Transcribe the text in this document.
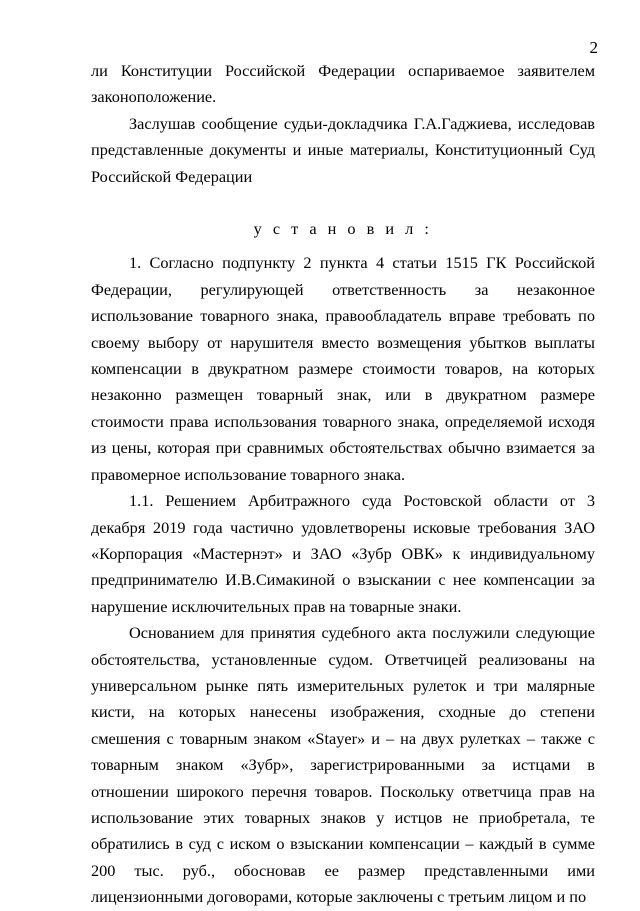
2

ли Конституции Российской Федерации оспариваемое заявителем законоположение.

Заслушав сообщение судьи-докладчика Г.А.Гаджиева, исследовав представленные документы и иные материалы, Конституционный Суд Российской Федерации

у с т а н о в и л :

1. Согласно подпункту 2 пункта 4 статьи 1515 ГК Российской Федерации, регулирующей ответственность за незаконное использование товарного знака, правообладатель вправе требовать по своему выбору от нарушителя вместо возмещения убытков выплаты компенсации в двукратном размере стоимости товаров, на которых незаконно размещен товарный знак, или в двукратном размере стоимости права использования товарного знака, определяемой исходя из цены, которая при сравнимых обстоятельствах обычно взимается за правомерное использование товарного знака.

1.1. Решением Арбитражного суда Ростовской области от 3 декабря 2019 года частично удовлетворены исковые требования ЗАО «Корпорация «Мастернэт» и ЗАО «Зубр ОВК» к индивидуальному предпринимателю И.В.Симакиной о взыскании с нее компенсации за нарушение исключительных прав на товарные знаки.

Основанием для принятия судебного акта послужили следующие обстоятельства, установленные судом. Ответчицей реализованы на универсальном рынке пять измерительных рулеток и три малярные кисти, на которых нанесены изображения, сходные до степени смешения с товарным знаком «Stayer» и – на двух рулетках – также с товарным знаком «Зубр», зарегистрированными за истцами в отношении широкого перечня товаров. Поскольку ответчица прав на использование этих товарных знаков у истцов не приобретала, те обратились в суд с иском о взыскании компенсации – каждый в сумме 200 тыс. руб., обосновав ее размер представленными ими лицензионными договорами, которые заключены с третьим лицом и по
